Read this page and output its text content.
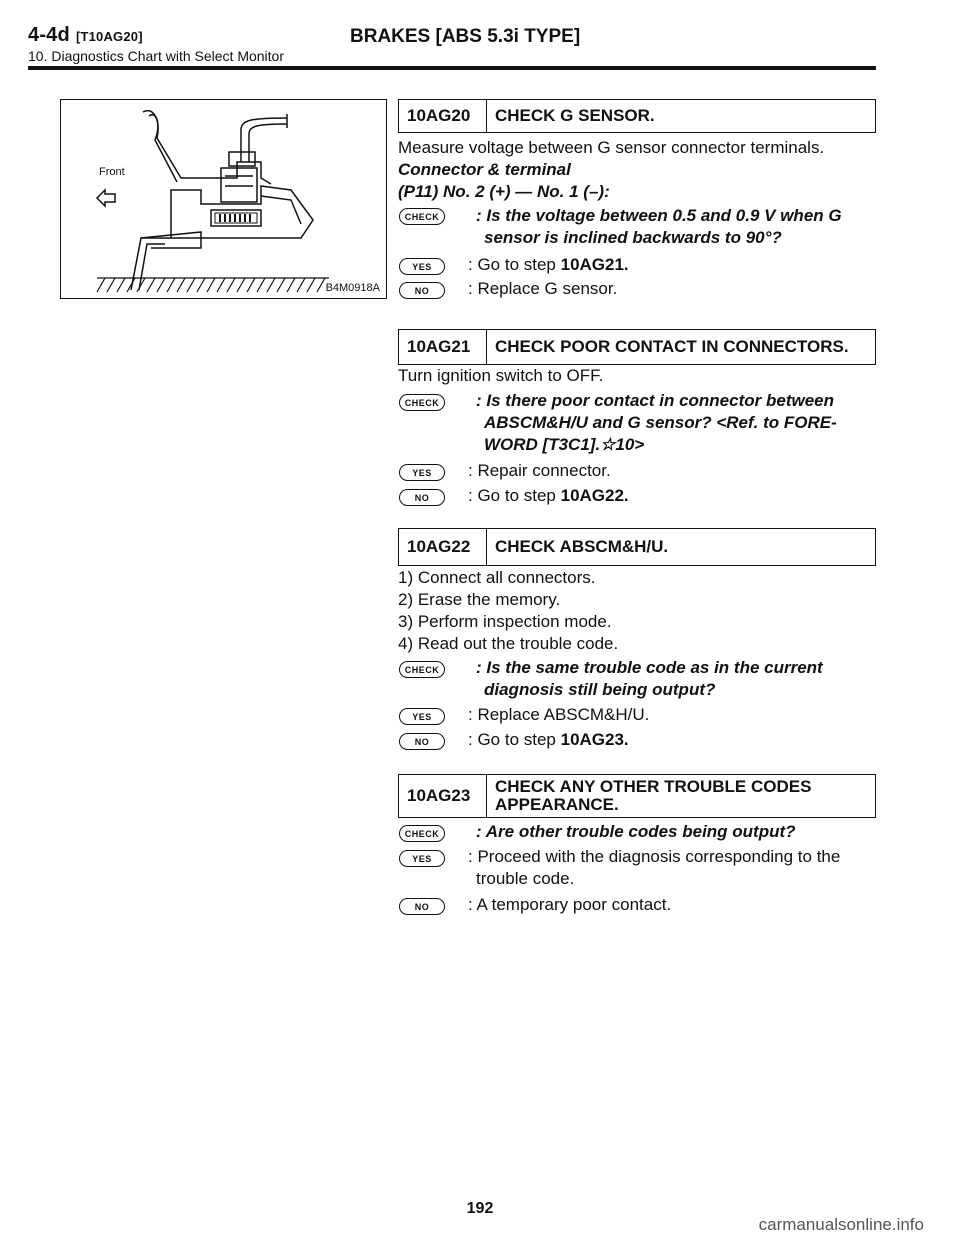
4-4d [T10AG20]	BRAKES [ABS 5.3i TYPE]
10. Diagnostics Chart with Select Monitor
Front
B4M0918A
10AG20	CHECK G SENSOR.
Measure voltage between G sensor connector terminals.
Connector & terminal
(P11) No. 2 (+) — No. 1 (–):
CHECK	: Is the voltage between 0.5 and 0.9 V when G
sensor is inclined backwards to 90°?
YES	: Go to step 10AG21.
NO	: Replace G sensor.
10AG21	CHECK POOR CONTACT IN CONNECTORS.
Turn ignition switch to OFF.
CHECK	: Is there poor contact in connector between
ABSCM&H/U and G sensor? <Ref. to FORE-
WORD [T3C1].☆10>
YES	: Repair connector.
NO	: Go to step 10AG22.
10AG22	CHECK ABSCM&H/U.
1) Connect all connectors.
2) Erase the memory.
3) Perform inspection mode.
4) Read out the trouble code.
CHECK	: Is the same trouble code as in the current
diagnosis still being output?
YES	: Replace ABSCM&H/U.
NO	: Go to step 10AG23.
10AG23	CHECK ANY OTHER TROUBLE CODES
APPEARANCE.
CHECK	: Are other trouble codes being output?
YES	: Proceed with the diagnosis corresponding to the
trouble code.
NO	: A temporary poor contact.
192
carmanualsonline.info
